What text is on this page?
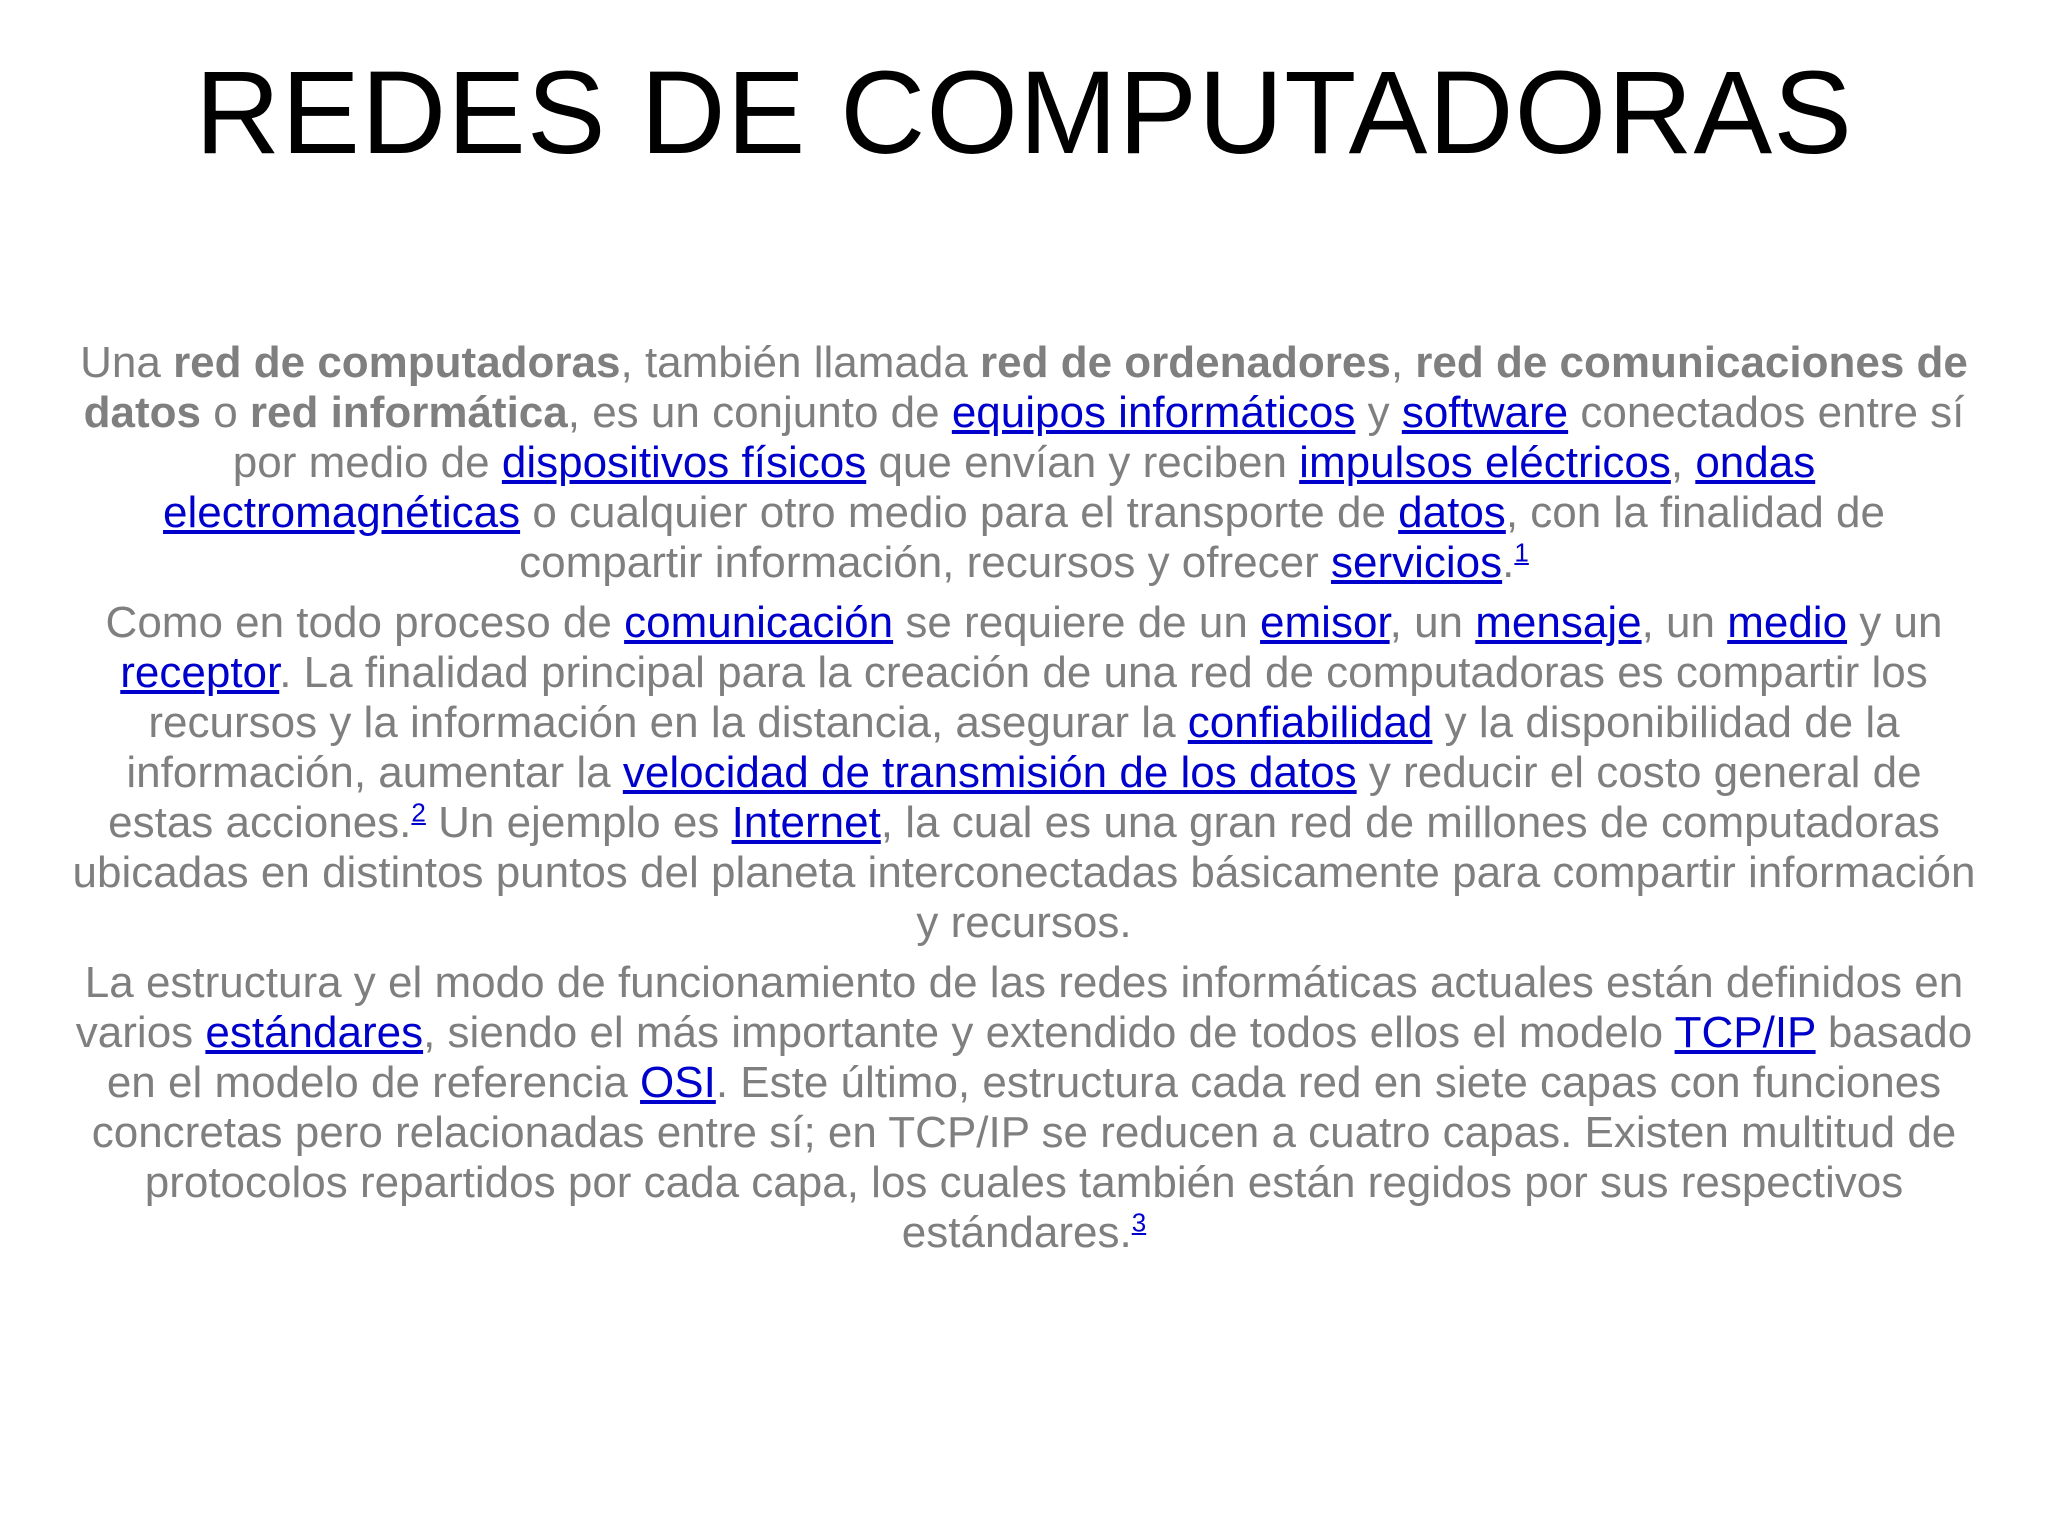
REDES DE COMPUTADORAS

Una red de computadoras, también llamada red de ordenadores, red de comunicaciones de datos o red informática, es un conjunto de equipos informáticos y software conectados entre sí por medio de dispositivos físicos que envían y reciben impulsos eléctricos, ondas electromagnéticas o cualquier otro medio para el transporte de datos, con la finalidad de compartir información, recursos y ofrecer servicios.$^1$

Como en todo proceso de comunicación se requiere de un emisor, un mensaje, un medio y un receptor. La finalidad principal para la creación de una red de computadoras es compartir los recursos y la información en la distancia, asegurar la confiabilidad y la disponibilidad de la información, aumentar la velocidad de transmisión de los datos y reducir el costo general de estas acciones.$^2$ Un ejemplo es Internet, la cual es una gran red de millones de computadoras ubicadas en distintos puntos del planeta interconectadas básicamente para compartir información y recursos.

La estructura y el modo de funcionamiento de las redes informáticas actuales están definidos en varios estándares, siendo el más importante y extendido de todos ellos el modelo TCP/IP basado en el modelo de referencia OSI. Este último, estructura cada red en siete capas con funciones concretas pero relacionadas entre sí; en TCP/IP se reducen a cuatro capas. Existen multitud de protocolos repartidos por cada capa, los cuales también están regidos por sus respectivos estándares.$^3$
